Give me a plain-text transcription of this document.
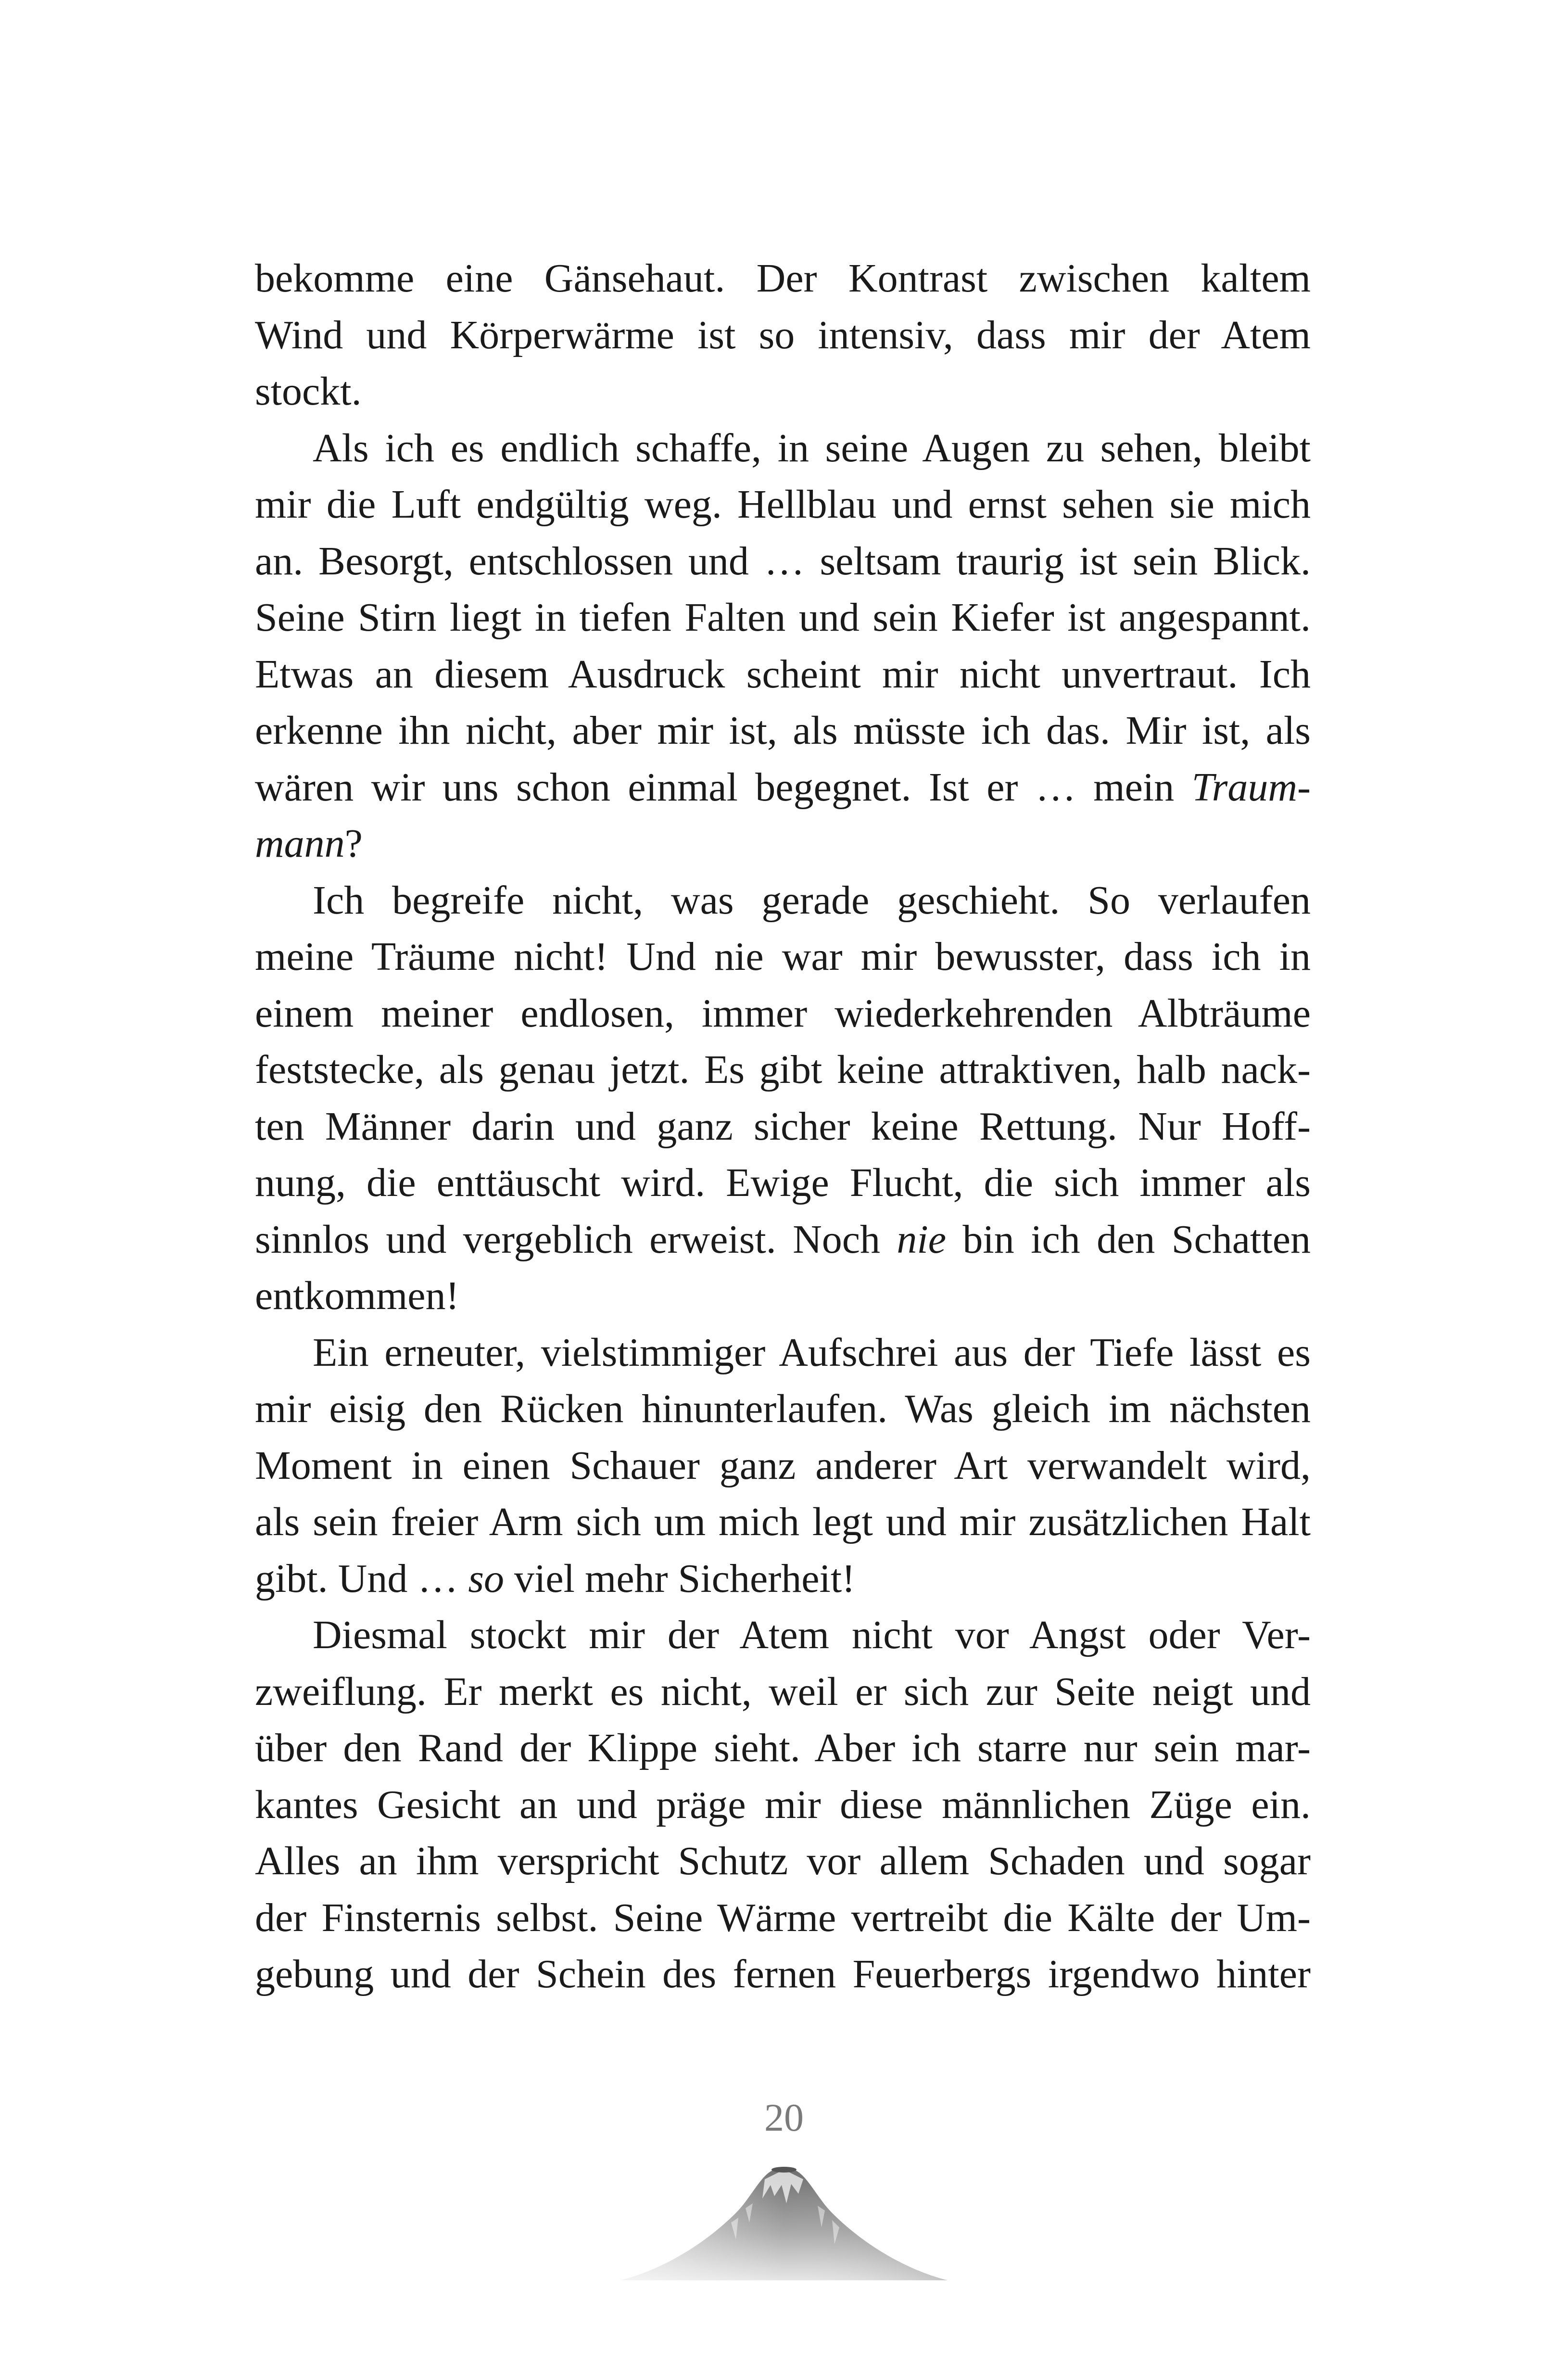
bekomme eine Gänsehaut. Der Kontrast zwischen kaltem
Wind und Körperwärme ist so intensiv, dass mir der Atem
stockt.

Als ich es endlich schaffe, in seine Augen zu sehen, bleibt
mir die Luft endgültig weg. Hellblau und ernst sehen sie mich
an. Besorgt, entschlossen und … seltsam traurig ist sein Blick.
Seine Stirn liegt in tiefen Falten und sein Kiefer ist angespannt.
Etwas an diesem Ausdruck scheint mir nicht unvertraut. Ich
erkenne ihn nicht, aber mir ist, als müsste ich das. Mir ist, als
wären wir uns schon einmal begegnet. Ist er … mein Traum-
mann?

Ich begreife nicht, was gerade geschieht. So verlaufen
meine Träume nicht! Und nie war mir bewusster, dass ich in
einem meiner endlosen, immer wiederkehrenden Albträume
feststecke, als genau jetzt. Es gibt keine attraktiven, halb nack-
ten Männer darin und ganz sicher keine Rettung. Nur Hoff-
nung, die enttäuscht wird. Ewige Flucht, die sich immer als
sinnlos und vergeblich erweist. Noch nie bin ich den Schatten
entkommen!

Ein erneuter, vielstimmiger Aufschrei aus der Tiefe lässt es
mir eisig den Rücken hinunterlaufen. Was gleich im nächsten
Moment in einen Schauer ganz anderer Art verwandelt wird,
als sein freier Arm sich um mich legt und mir zusätzlichen Halt
gibt. Und … so viel mehr Sicherheit!

Diesmal stockt mir der Atem nicht vor Angst oder Ver-
zweiflung. Er merkt es nicht, weil er sich zur Seite neigt und
über den Rand der Klippe sieht. Aber ich starre nur sein mar-
kantes Gesicht an und präge mir diese männlichen Züge ein.
Alles an ihm verspricht Schutz vor allem Schaden und sogar
der Finsternis selbst. Seine Wärme vertreibt die Kälte der Um-
gebung und der Schein des fernen Feuerbergs irgendwo hinter

20
